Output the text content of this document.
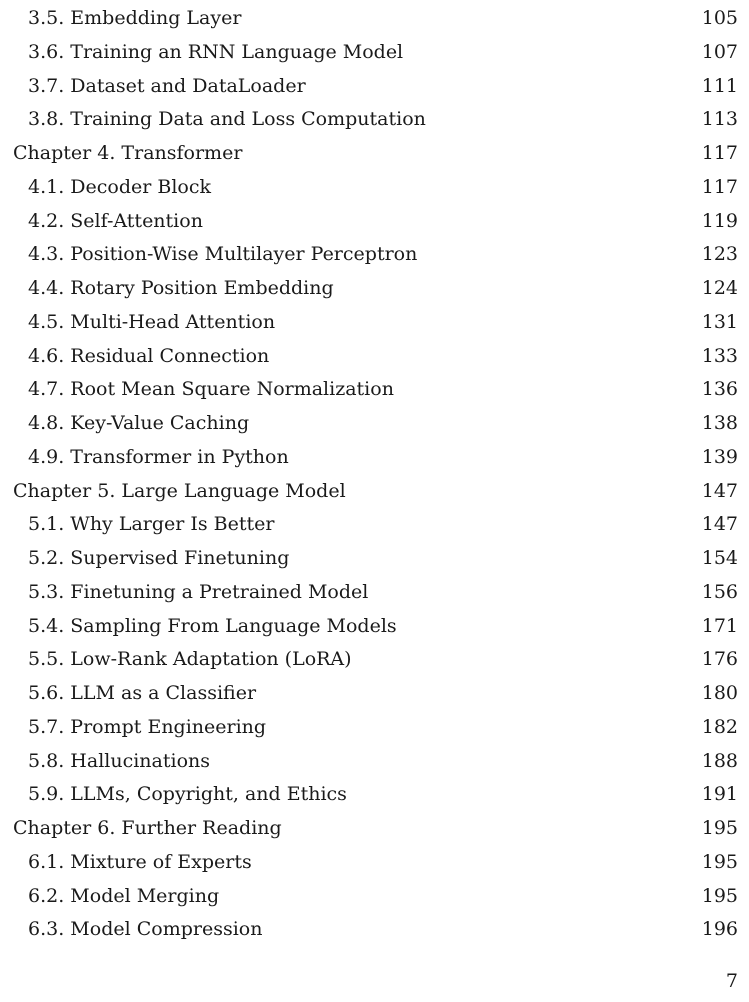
3.5. Embedding Layer	105
3.6. Training an RNN Language Model	107
3.7. Dataset and DataLoader	111
3.8. Training Data and Loss Computation	113
Chapter 4. Transformer	117
4.1. Decoder Block	117
4.2. Self-Attention	119
4.3. Position-Wise Multilayer Perceptron	123
4.4. Rotary Position Embedding	124
4.5. Multi-Head Attention	131
4.6. Residual Connection	133
4.7. Root Mean Square Normalization	136
4.8. Key-Value Caching	138
4.9. Transformer in Python	139
Chapter 5. Large Language Model	147
5.1. Why Larger Is Better	147
5.2. Supervised Finetuning	154
5.3. Finetuning a Pretrained Model	156
5.4. Sampling From Language Models	171
5.5. Low-Rank Adaptation (LoRA)	176
5.6. LLM as a Classifier	180
5.7. Prompt Engineering	182
5.8. Hallucinations	188
5.9. LLMs, Copyright, and Ethics	191
Chapter 6. Further Reading	195
6.1. Mixture of Experts	195
6.2. Model Merging	195
6.3. Model Compression	196
7
